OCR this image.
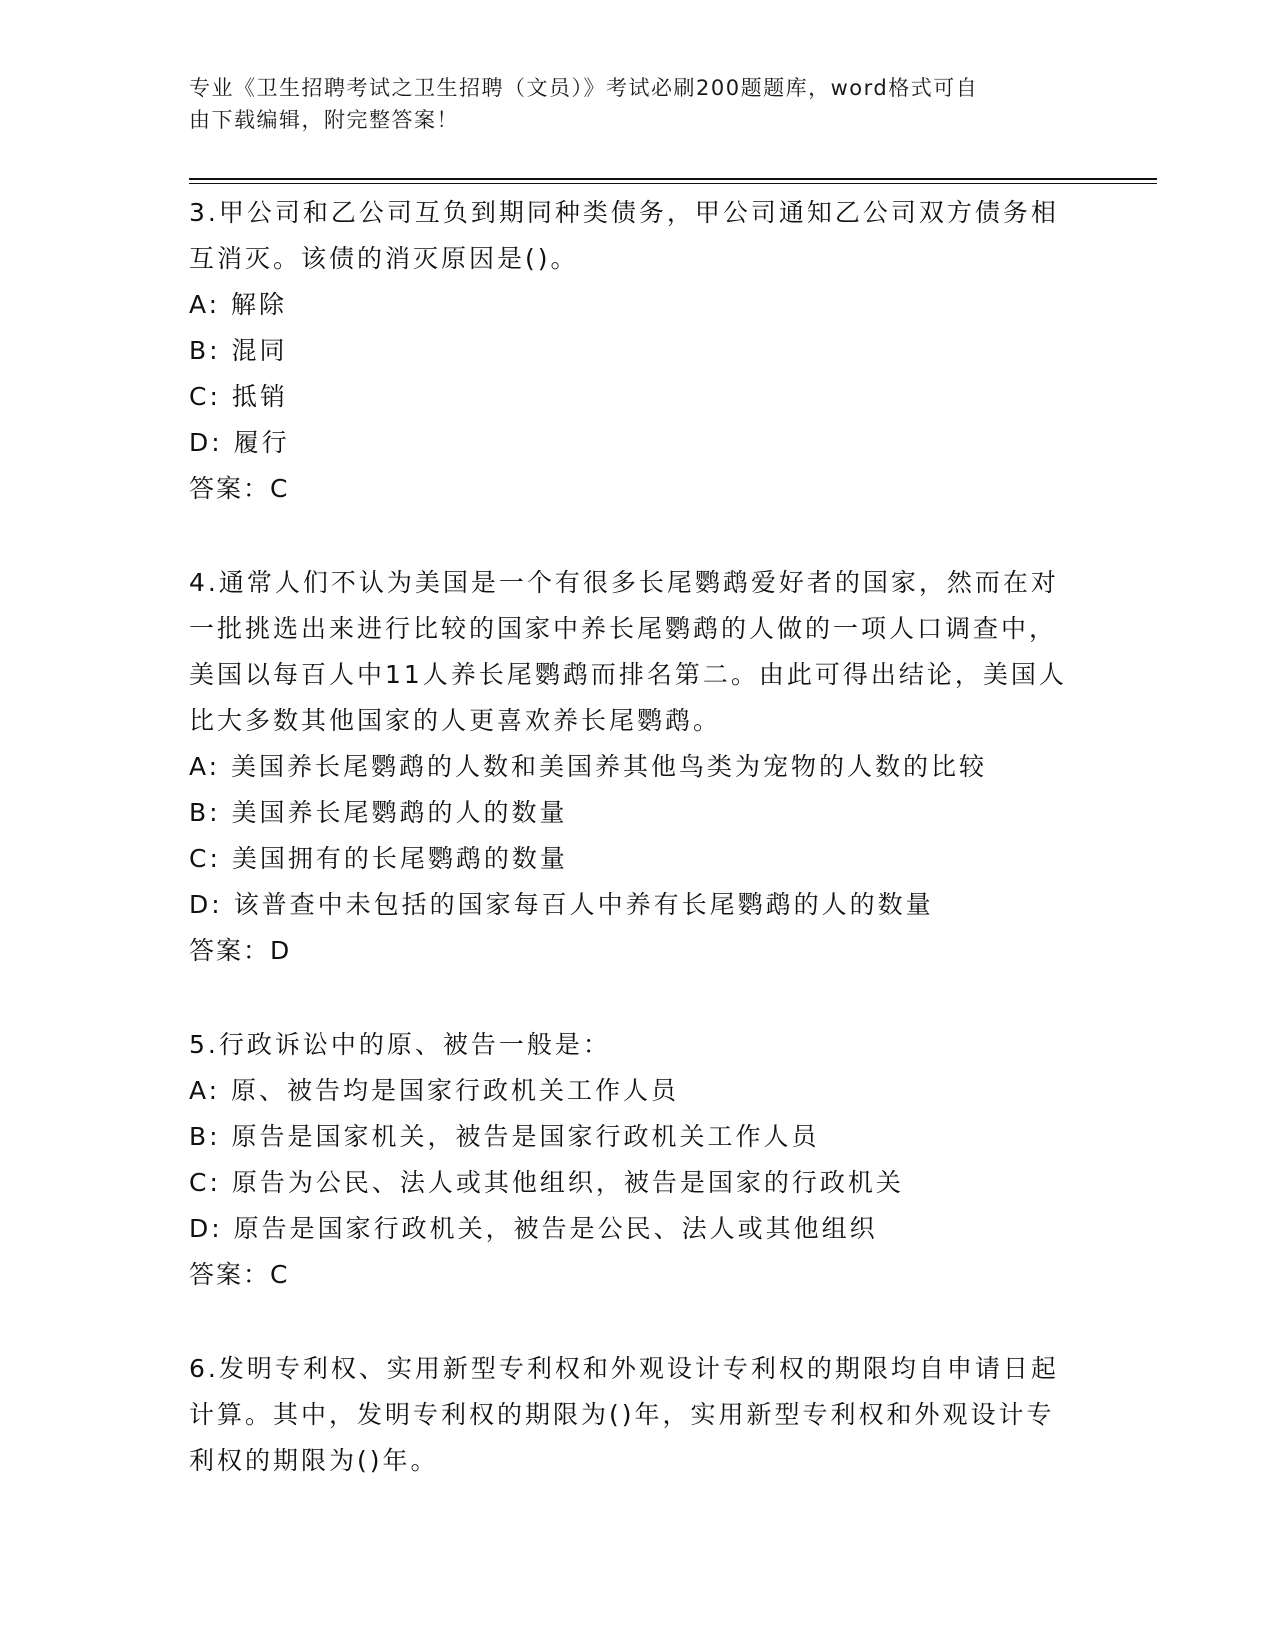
专业《卫生招聘考试之卫生招聘（文员）》考试必刷200题题库，word格式可自
由下载编辑，附完整答案！
3.甲公司和乙公司互负到期同种类债务，甲公司通知乙公司双方债务相互消灭。该债的消灭原因是()。
A: 解除
B: 混同
C: 抵销
D: 履行
答案：C
4.通常人们不认为美国是一个有很多长尾鹦鹉爱好者的国家，然而在对一批挑选出来进行比较的国家中养长尾鹦鹉的人做的一项人口调查中，美国以每百人中11人养长尾鹦鹉而排名第二。由此可得出结论，美国人比大多数其他国家的人更喜欢养长尾鹦鹉。
A: 美国养长尾鹦鹉的人数和美国养其他鸟类为宠物的人数的比较
B: 美国养长尾鹦鹉的人的数量
C: 美国拥有的长尾鹦鹉的数量
D: 该普查中未包括的国家每百人中养有长尾鹦鹉的人的数量
答案：D
5.行政诉讼中的原、被告一般是：
A: 原、被告均是国家行政机关工作人员
B: 原告是国家机关，被告是国家行政机关工作人员
C: 原告为公民、法人或其他组织，被告是国家的行政机关
D: 原告是国家行政机关，被告是公民、法人或其他组织
答案：C
6.发明专利权、实用新型专利权和外观设计专利权的期限均自申请日起计算。其中，发明专利权的期限为()年，实用新型专利权和外观设计专利权的期限为()年。
